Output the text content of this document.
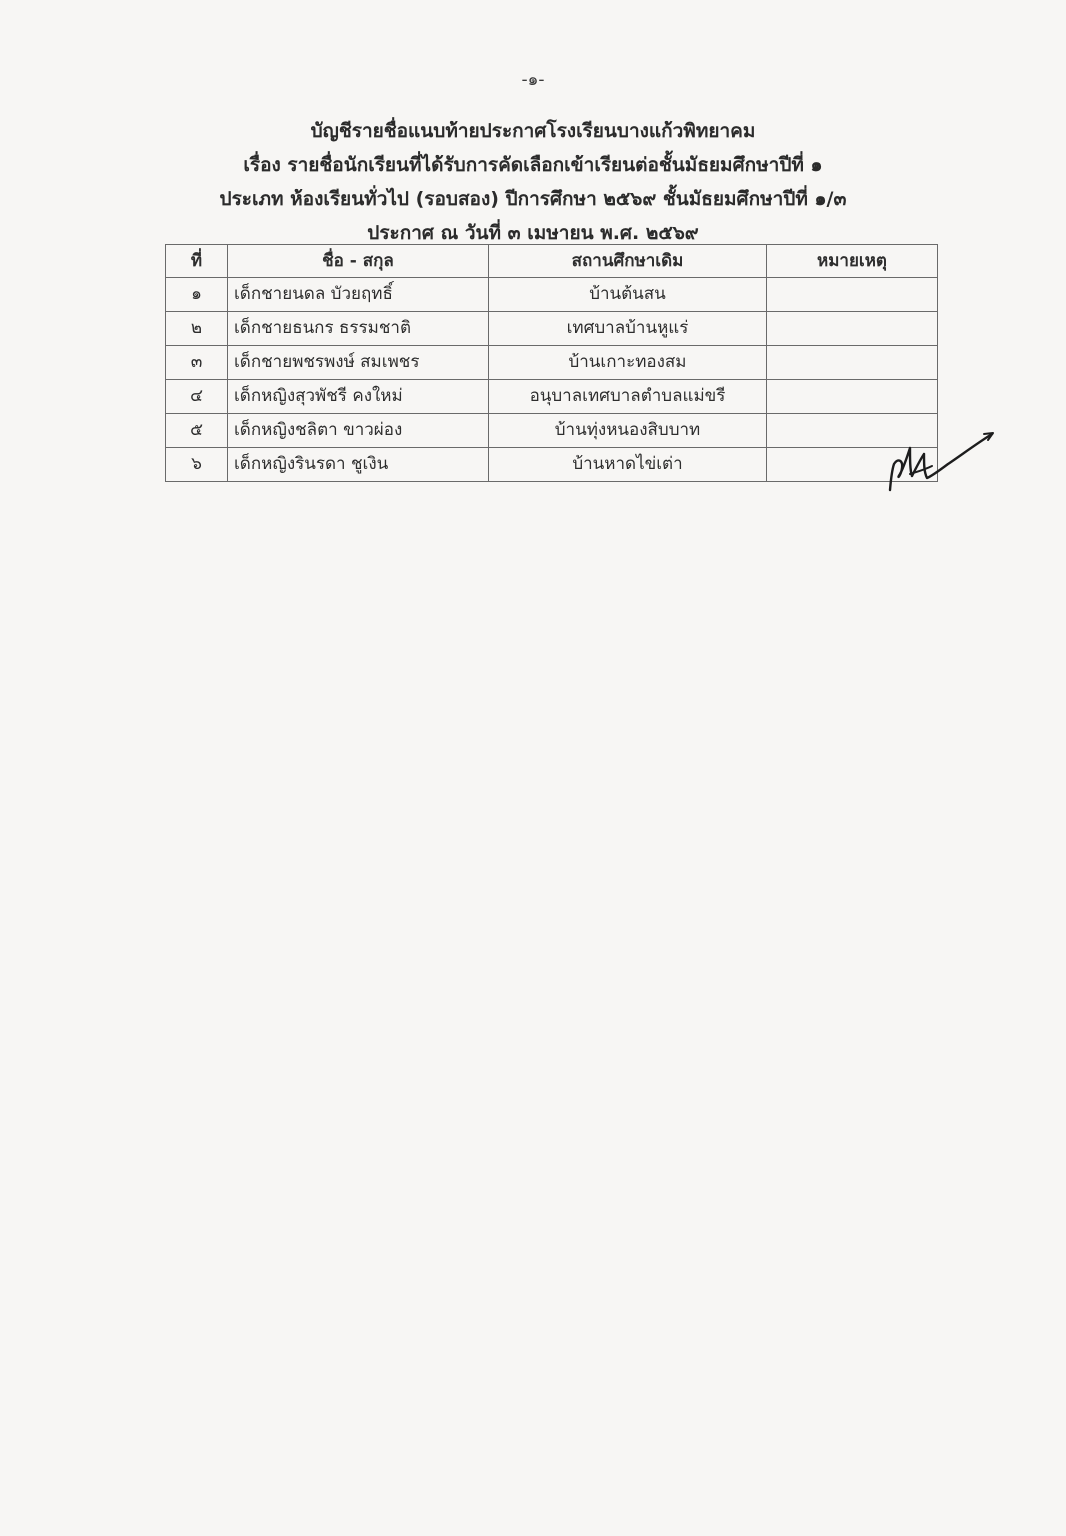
-๑-
บัญชีรายชื่อแนบท้ายประกาศโรงเรียนบางแก้วพิทยาคม
เรื่อง รายชื่อนักเรียนที่ได้รับการคัดเลือกเข้าเรียนต่อชั้นมัธยมศึกษาปีที่ ๑
ประเภท ห้องเรียนทั่วไป (รอบสอง) ปีการศึกษา ๒๕๖๙ ชั้นมัธยมศึกษาปีที่ ๑/๓
ประกาศ ณ วันที่ ๓ เมษายน พ.ศ. ๒๕๖๙
ที่	ชื่อ - สกุล	สถานศึกษาเดิม	หมายเหตุ
๑	เด็กชายนดล บัวยฤทธิ์	บ้านต้นสน	
๒	เด็กชายธนกร ธรรมชาติ	เทศบาลบ้านหูแร่	
๓	เด็กชายพชรพงษ์ สมเพชร	บ้านเกาะทองสม	
๔	เด็กหญิงสุวพัชรี คงใหม่	อนุบาลเทศบาลตำบลแม่ขรี	
๕	เด็กหญิงชลิตา ขาวผ่อง	บ้านทุ่งหนองสิบบาท	
๖	เด็กหญิงรินรดา ชูเงิน	บ้านหาดไข่เต่า	
